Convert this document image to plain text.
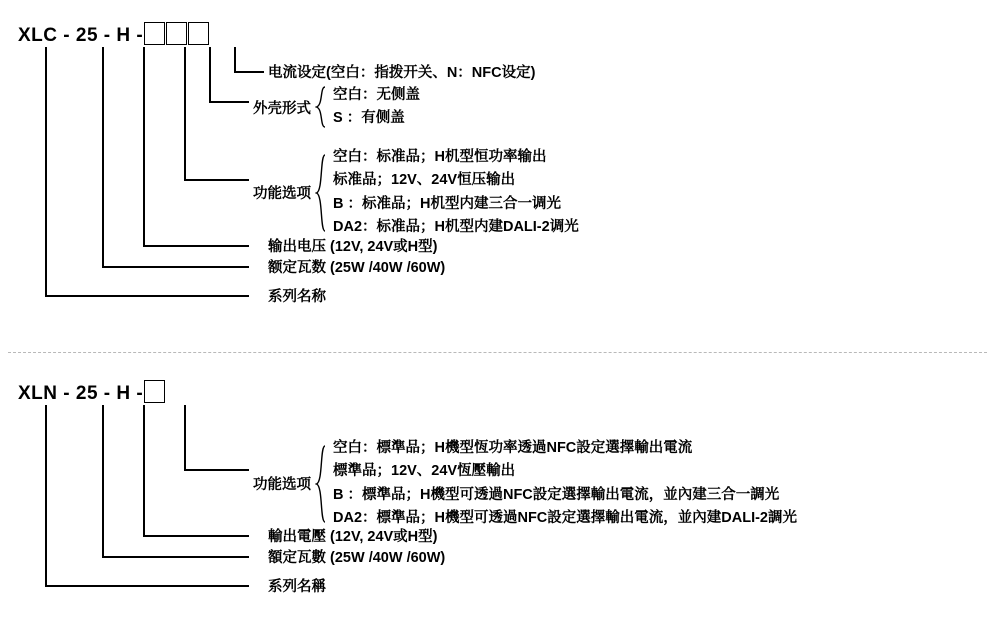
XLC - 25 - H -
电流设定(空白：指拨开关、N：NFC设定)
外壳形式
空白：无侧盖
S ：有侧盖
功能选项
空白：标准品；H机型恒功率输出
标准品；12V、24V恒压输出
B ：标准品；H机型内建三合一调光
DA2：标准品；H机型内建DALI-2调光
输出电压 (12V, 24V或H型)
额定瓦数 (25W /40W /60W)
系列名称
XLN - 25 - H -
功能选项
空白：標準品；H機型恆功率透過NFC設定選擇輸出電流
標準品；12V、24V恆壓輸出
B ：標準品；H機型可透過NFC設定選擇輸出電流，並內建三合一調光
DA2：標準品；H機型可透過NFC設定選擇輸出電流，並內建DALI-2調光
輸出電壓 (12V, 24V或H型)
額定瓦數 (25W /40W /60W)
系列名稱
